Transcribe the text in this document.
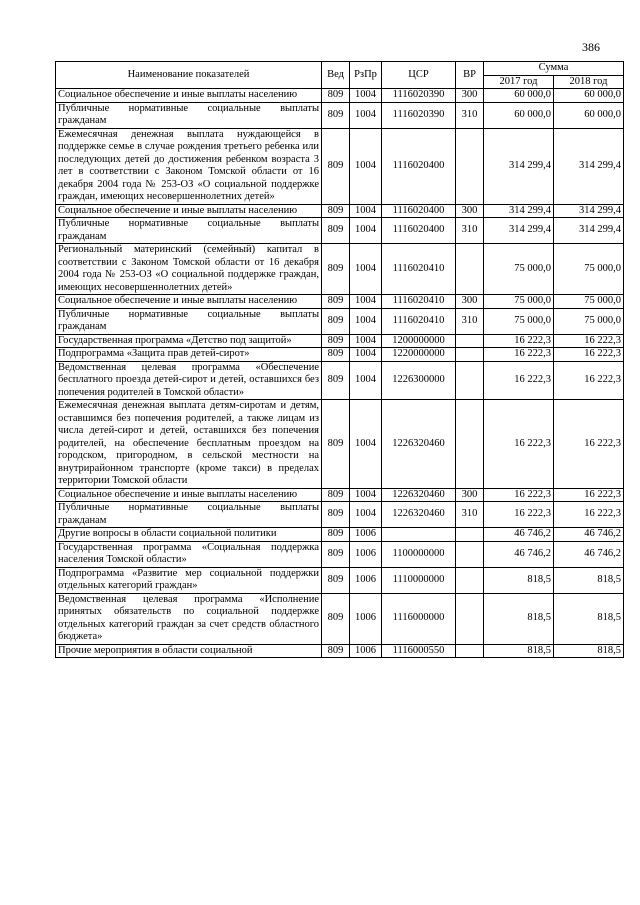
386
Наименование показателей	Вед	РзПр	ЦСР	ВР	Сумма	
					2017 год	2018 год
Социальное обеспечение и иные выплаты населению	809	1004	1116020390	300	60 000,0	60 000,0
Публичные нормативные социальные выплаты гражданам	809	1004	1116020390	310	60 000,0	60 000,0
Ежемесячная денежная выплата нуждающейся в поддержке семье в случае рождения третьего ребенка или последующих детей до достижения ребенком возраста 3 лет в соответствии с Законом Томской области от 16 декабря 2004 года № 253-ОЗ «О социальной поддержке граждан, имеющих несовершеннолетних детей»	809	1004	1116020400		314 299,4	314 299,4
Социальное обеспечение и иные выплаты населению	809	1004	1116020400	300	314 299,4	314 299,4
Публичные нормативные социальные выплаты гражданам	809	1004	1116020400	310	314 299,4	314 299,4
Региональный материнский (семейный) капитал в соответствии с Законом Томской области от 16 декабря 2004 года № 253-ОЗ «О социальной поддержке граждан, имеющих несовершеннолетних детей»	809	1004	1116020410		75 000,0	75 000,0
Социальное обеспечение и иные выплаты населению	809	1004	1116020410	300	75 000,0	75 000,0
Публичные нормативные социальные выплаты гражданам	809	1004	1116020410	310	75 000,0	75 000,0
Государственная программа «Детство под защитой»	809	1004	1200000000		16 222,3	16 222,3
Подпрограмма «Защита прав детей-сирот»	809	1004	1220000000		16 222,3	16 222,3
Ведомственная целевая программа «Обеспечение бесплатного проезда детей-сирот и детей, оставшихся без попечения родителей в Томской области»	809	1004	1226300000		16 222,3	16 222,3
Ежемесячная денежная выплата детям-сиротам и детям, оставшимся без попечения родителей, а также лицам из числа детей-сирот и детей, оставшихся без попечения родителей, на обеспечение бесплатным проездом на городском, пригородном, в сельской местности на внутрирайонном транспорте (кроме такси) в пределах территории Томской области	809	1004	1226320460		16 222,3	16 222,3
Социальное обеспечение и иные выплаты населению	809	1004	1226320460	300	16 222,3	16 222,3
Публичные нормативные социальные выплаты гражданам	809	1004	1226320460	310	16 222,3	16 222,3
Другие вопросы в области социальной политики	809	1006			46 746,2	46 746,2
Государственная программа «Социальная поддержка населения Томской области»	809	1006	1100000000		46 746,2	46 746,2
Подпрограмма «Развитие мер социальной поддержки отдельных категорий граждан»	809	1006	1110000000		818,5	818,5
Ведомственная целевая программа «Исполнение принятых обязательств по социальной поддержке отдельных категорий граждан за счет средств областного бюджета»	809	1006	1116000000		818,5	818,5
Прочие мероприятия в области социальной	809	1006	1116000550		818,5	818,5
